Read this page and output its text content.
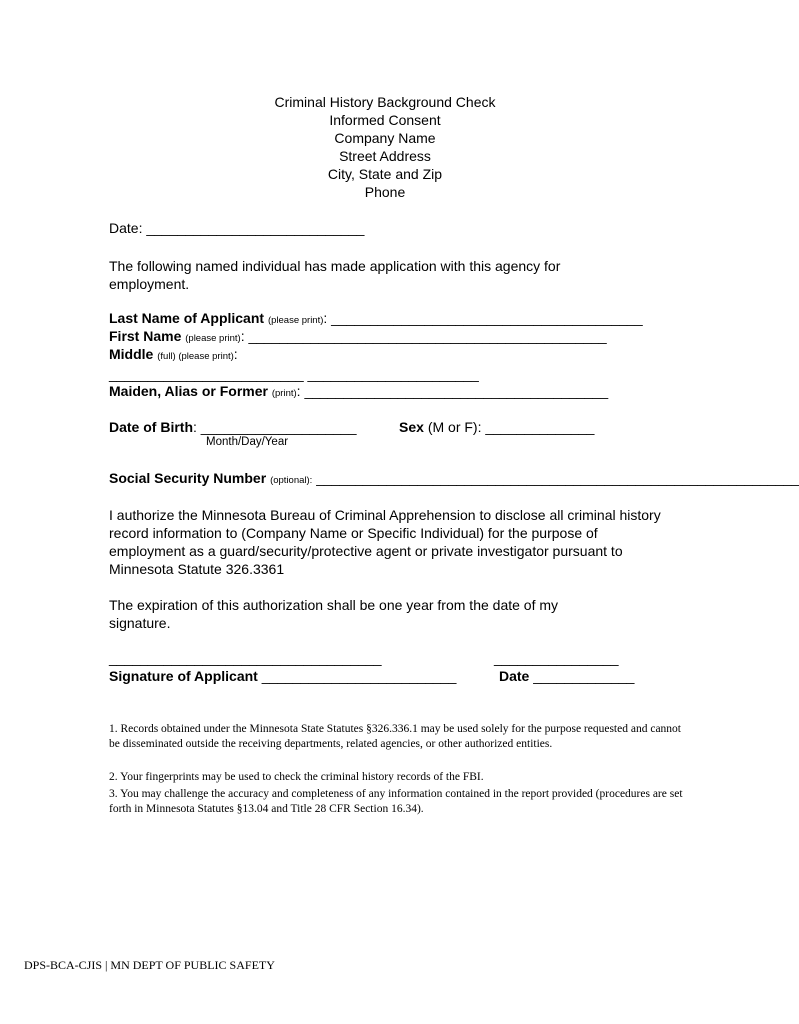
Criminal History Background Check
Informed Consent
Company Name
Street Address
City, State and Zip
Phone
Date: ____________________________
The following named individual has made application with this agency for employment.
Last Name of Applicant (please print): ________________________________________
First Name (please print): ______________________________________________
Middle (full) (please print):
_________________________ ______________________
Maiden, Alias or Former (print): _______________________________________
Date of Birth: ____________________
Month/Day/Year
Sex (M or F): ______________
Social Security Number (optional): ______________________________________________________________
I authorize the Minnesota Bureau of Criminal Apprehension to disclose all criminal history record information to (Company Name or Specific Individual) for the purpose of employment as a guard/security/protective agent or private investigator pursuant to Minnesota Statute 326.3361
The expiration of this authorization shall be one year from the date of my signature.
___________________________________	________________
Signature of Applicant _________________________	Date _____________
1. Records obtained under the Minnesota State Statutes §326.336.1 may be used solely for the purpose requested and cannot be disseminated outside the receiving departments, related agencies, or other authorized entities.
2. Your fingerprints may be used to check the criminal history records of the FBI.
3. You may challenge the accuracy and completeness of any information contained in the report provided (procedures are set forth in Minnesota Statutes §13.04 and Title 28 CFR Section 16.34).
DPS-BCA-CJIS | MN DEPT OF PUBLIC SAFETY
